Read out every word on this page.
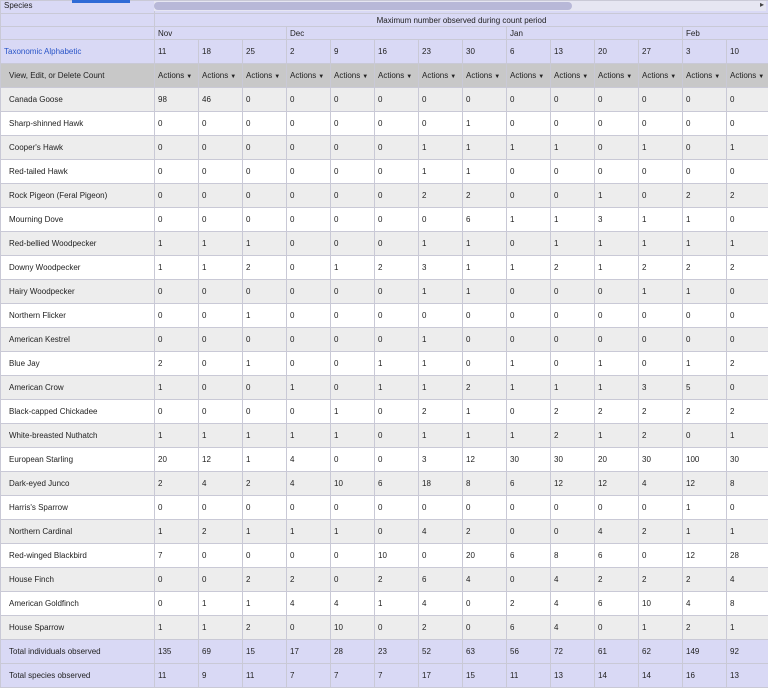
Species														
	Maximum number observed during count period													
	Nov			Dec					Jan				Feb	
Taxonomic Alphabetic	11	18	25	2	9	16	23	30	6	13	20	27	3	10
View, Edit, or Delete Count	Actions ▼	Actions ▼	Actions ▼	Actions ▼	Actions ▼	Actions ▼	Actions ▼	Actions ▼	Actions ▼	Actions ▼	Actions ▼	Actions ▼	Actions ▼	Actions ▼
Canada Goose	98	46	0	0	0	0	0	0	0	0	0	0	0	0
Sharp-shinned Hawk	0	0	0	0	0	0	0	1	0	0	0	0	0	0
Cooper's Hawk	0	0	0	0	0	0	1	1	1	1	0	1	0	1
Red-tailed Hawk	0	0	0	0	0	0	1	1	0	0	0	0	0	0
Rock Pigeon (Feral Pigeon)	0	0	0	0	0	0	2	2	0	0	1	0	2	2
Mourning Dove	0	0	0	0	0	0	0	6	1	1	3	1	1	0
Red-bellied Woodpecker	1	1	1	0	0	0	1	1	0	1	1	1	1	1
Downy Woodpecker	1	1	2	0	1	2	3	1	1	2	1	2	2	2
Hairy Woodpecker	0	0	0	0	0	0	1	1	0	0	0	1	1	0
Northern Flicker	0	0	1	0	0	0	0	0	0	0	0	0	0	0
American Kestrel	0	0	0	0	0	0	1	0	0	0	0	0	0	0
Blue Jay	2	0	1	0	0	1	1	0	1	0	1	0	1	2
American Crow	1	0	0	1	0	1	1	2	1	1	1	3	5	0
Black-capped Chickadee	0	0	0	0	1	0	2	1	0	2	2	2	2	2
White-breasted Nuthatch	1	1	1	1	1	0	1	1	1	2	1	2	0	1
European Starling	20	12	1	4	0	0	3	12	30	30	20	30	100	30
Dark-eyed Junco	2	4	2	4	10	6	18	8	6	12	12	4	12	8
Harris's Sparrow	0	0	0	0	0	0	0	0	0	0	0	0	1	0
Northern Cardinal	1	2	1	1	1	0	4	2	0	0	4	2	1	1
Red-winged Blackbird	7	0	0	0	0	10	0	20	6	8	6	0	12	28
House Finch	0	0	2	2	0	2	6	4	0	4	2	2	2	4
American Goldfinch	0	1	1	4	4	1	4	0	2	4	6	10	4	8
House Sparrow	1	1	2	0	10	0	2	0	6	4	0	1	2	1
Total individuals observed	135	69	15	17	28	23	52	63	56	72	61	62	149	92
Total species observed	11	9	11	7	7	7	17	15	11	13	14	14	16	13
▸
